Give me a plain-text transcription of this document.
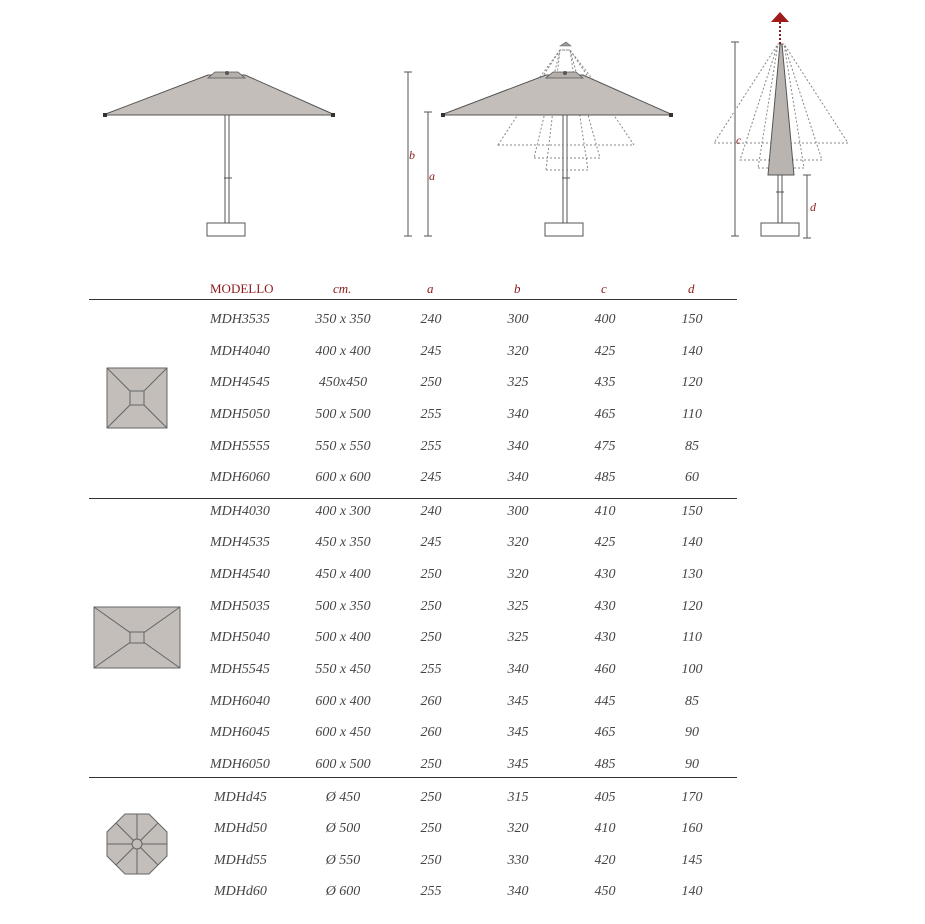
b
a
c
d
MODELLO	cm.	a	b	c	d
MDH3535	350 x 350	240	300	400	150
MDH4040	400 x 400	245	320	425	140
MDH4545	450x450	250	325	435	120
MDH5050	500 x 500	255	340	465	110
MDH5555	550 x 550	255	340	475	85
MDH6060	600 x 600	245	340	485	60
MDH4030	400 x 300	240	300	410	150
MDH4535	450 x 350	245	320	425	140
MDH4540	450 x 400	250	320	430	130
MDH5035	500 x 350	250	325	430	120
MDH5040	500 x 400	250	325	430	110
MDH5545	550 x 450	255	340	460	100
MDH6040	600 x 400	260	345	445	85
MDH6045	600 x 450	260	345	465	90
MDH6050	600 x 500	250	345	485	90
MDHd45	Ø 450	250	315	405	170
MDHd50	Ø 500	250	320	410	160
MDHd55	Ø 550	250	330	420	145
MDHd60	Ø 600	255	340	450	140
